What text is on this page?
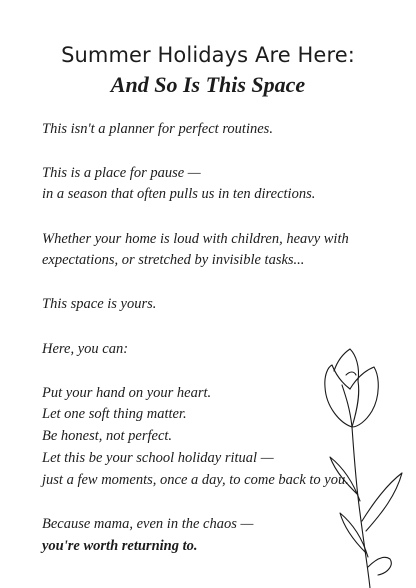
Summer Holidays Are Here:
And So Is This Space

This isn't a planner for perfect routines.

This is a place for pause —

in a season that often pulls us in ten directions.

Whether your home is loud with children, heavy with

expectations, or stretched by invisible tasks...

This space is yours.

Here, you can:

Put your hand on your heart.

Let one soft thing matter.

Be honest, not perfect.

Let this be your school holiday ritual —

just a few moments, once a day, to come back to you.

Because mama, even in the chaos —

you're worth returning to.
